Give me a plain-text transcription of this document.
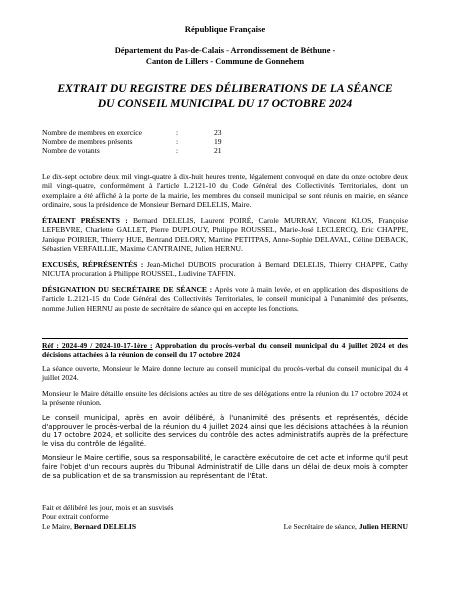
République Française
Département du Pas-de-Calais - Arrondissement de Béthune -
Canton de Lillers - Commune de Gonnehem
EXTRAIT DU REGISTRE DES DÉLIBERATIONS DE LA SÉANCE
DU CONSEIL MUNICIPAL DU 17 OCTOBRE 2024
Nombre de membres en exercice	:	23
Nombre de membres présents	:	19
Nombre de votants	:	21

Le dix-sept octobre deux mil vingt-quatre à dix-huit heures trente, légalement convoqué en date du onze octobre deux mil vingt-quatre, conformément à l'article L.2121-10 du Code Général des Collectivités Territoriales, dont un exemplaire a été affiché à la porte de la mairie, les membres du conseil municipal se sont réunis en mairie, en séance ordinaire, sous la présidence de Monsieur Bernard DELELIS, Maire.

ÉTAIENT PRÉSENTS : Bernard DELELIS, Laurent POIRÉ, Carole MURRAY, Vincent KLOS, Françoise LEFEBVRE, Charlette GALLET, Pierre DUPLOUY, Philippe ROUSSEL, Marie-José LECLERCQ, Eric CHAPPE, Janique POIRIER, Thierry HUE, Bertrand DELORY, Martine PETITPAS, Anne-Sophie DELAVAL, Céline DEBACK, Sébastien VERFAILLIE, Maxime CANTRAINE, Julien HERNU.

EXCUSÉS, RÉPRÉSENTÉS : Jean-Michel DUBOIS procuration à Bernard DELELIS, Thierry CHAPPE, Cathy NICUTA procuration à Philippe ROUSSEL, Ludivine TAFFIN.

DÉSIGNATION DU SECRÉTAIRE DE SÉANCE : Après vote à main levée, et en application des dispositions de l'article L.2121-15 du Code Général des Collectivités Territoriales, le conseil municipal à l'unanimité des présents, nomme Julien HERNU au poste de secrétaire de séance qui en accepte les fonctions.

Réf : 2024-49 / 2024-10-17-1ère : Approbation du procès-verbal du conseil municipal du 4 juillet 2024 et des décisions attachées à la réunion de conseil du 17 octobre 2024

La séance ouverte, Monsieur le Maire donne lecture au conseil municipal du procès-verbal du conseil municipal du 4 juillet 2024.

Monsieur le Maire détaille ensuite les décisions actées au titre de ses délégations entre la réunion du 17 octobre 2024 et la présente réunion.

Le conseil municipal, après en avoir délibéré, à l'unanimité des présents et représentés, décide d'approuver le procès-verbal de la réunion du 4 juillet 2024 ainsi que les décisions attachées à la réunion du 17 octobre 2024, et sollicite des services du contrôle des actes administratifs auprès de la préfecture le visa du contrôle de légalité.

Monsieur le Maire certifie, sous sa responsabilité, le caractère exécutoire de cet acte et informe qu'il peut faire l'objet d'un recours auprès du Tribunal Administratif de Lille dans un délai de deux mois à compter de sa publication et de sa transmission au représentant de l'État.

Fait et délibéré les jour, mois et an susvisés
Pour extrait conforme
Le Maire, Bernard DELELIS	Le Secrétaire de séance, Julien HERNU
